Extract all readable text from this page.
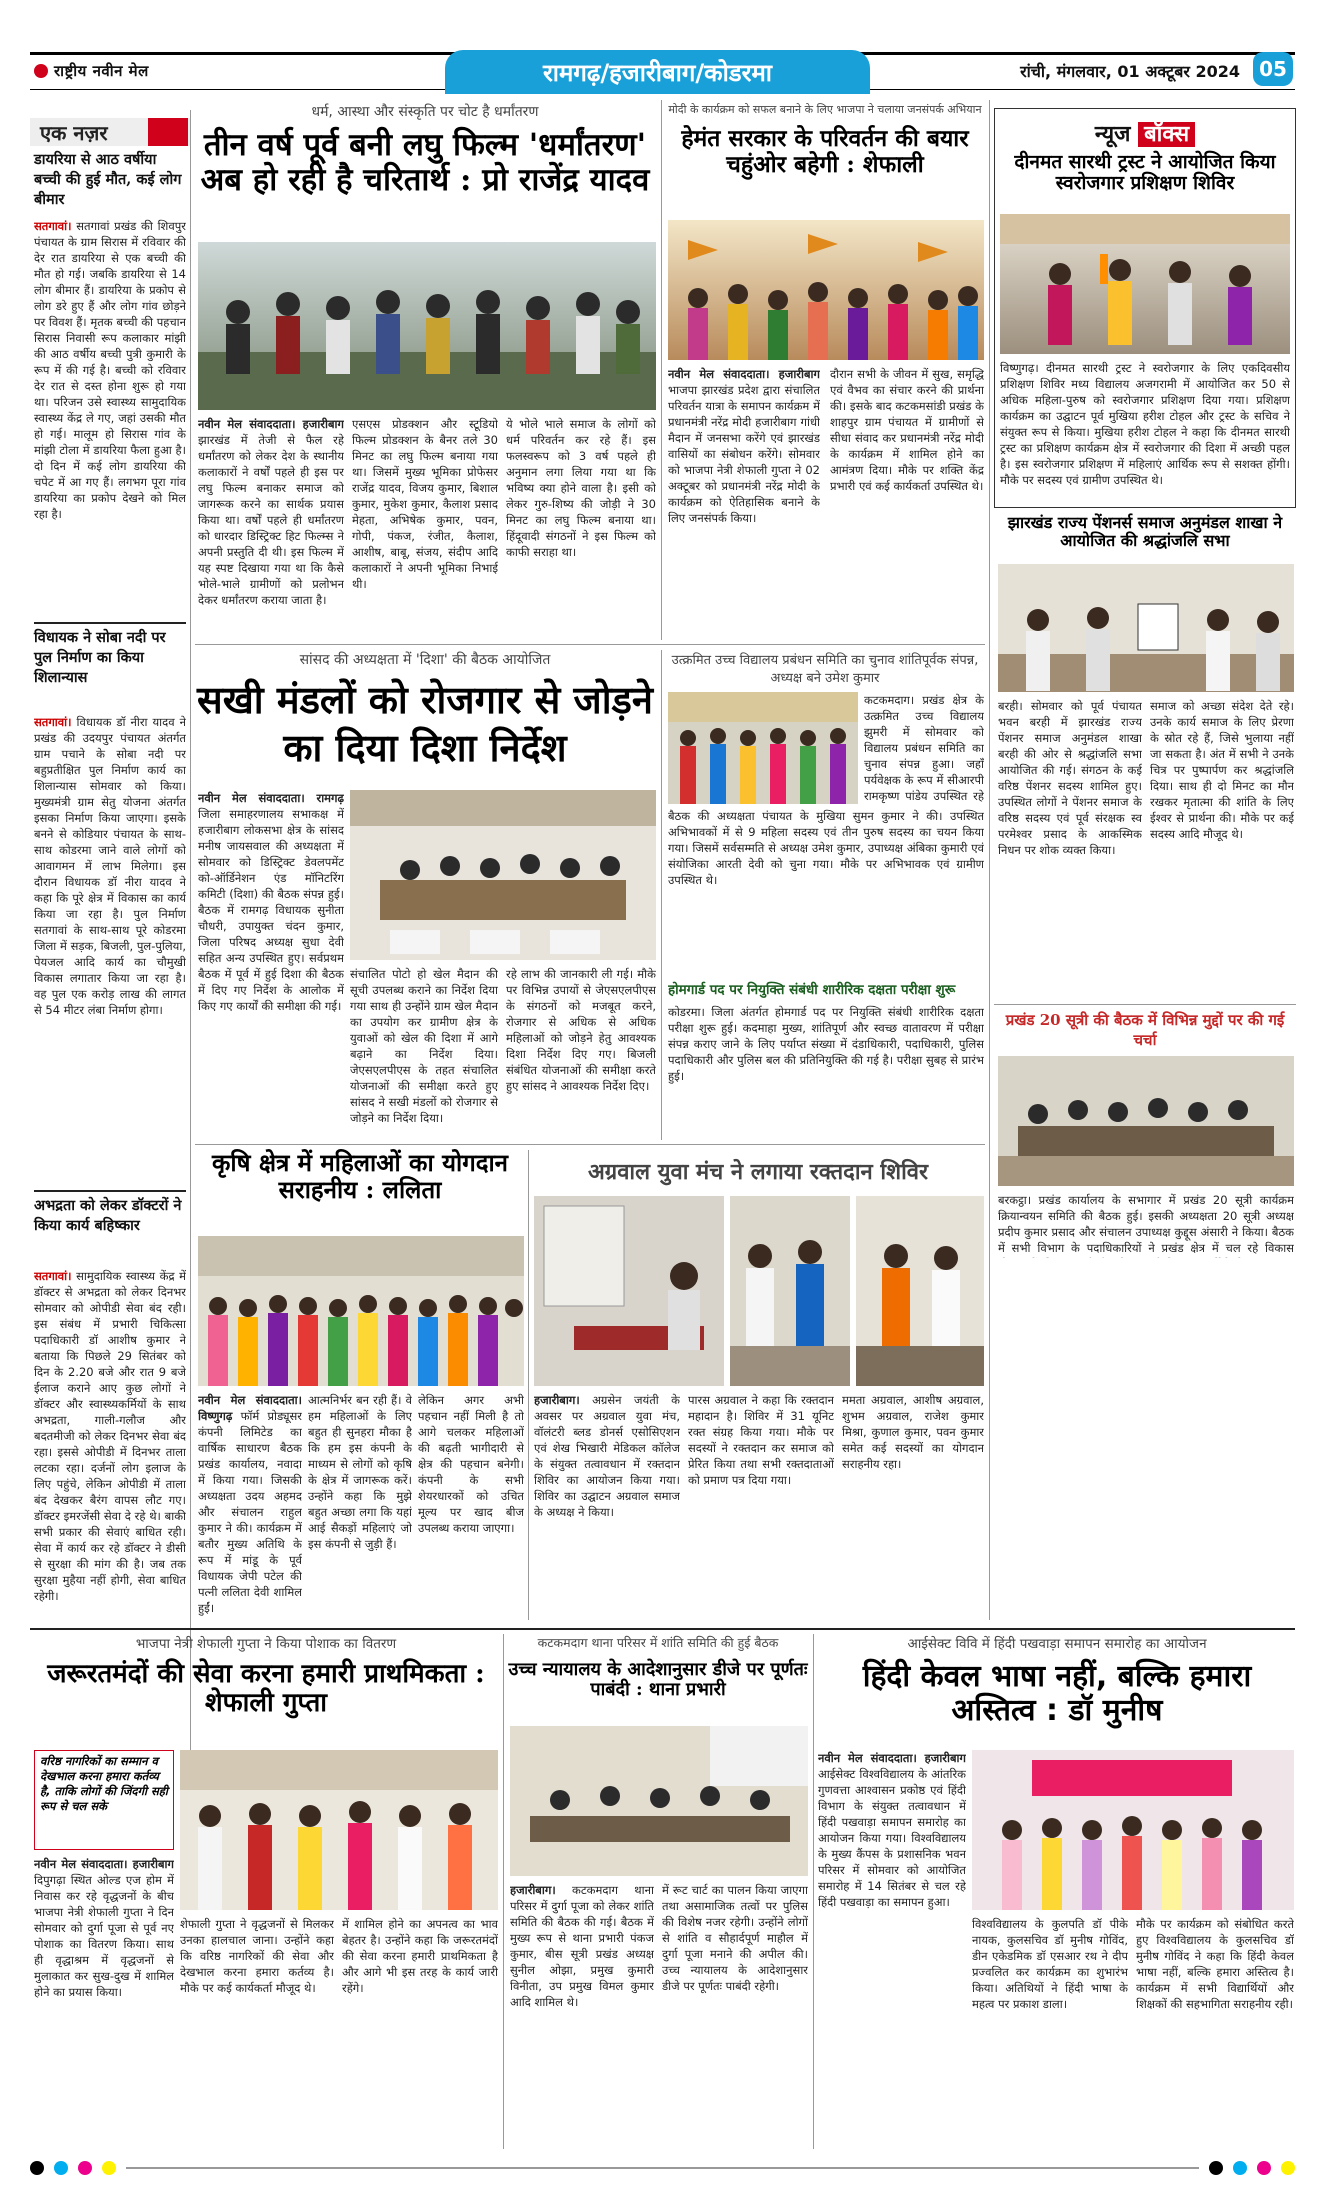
राष्ट्रीय नवीन मेल	रामगढ़/हजारीबाग/कोडरमा	रांची, मंगलवार, 01 अक्टूबर 2024 05
एक नज़र
डायरिया से आठ वर्षीया बच्ची की हुई मौत, कई लोग बीमार
सतगावां। सतगावां प्रखंड की शिवपुर पंचायत के ग्राम सिरास में रविवार की देर रात डायरिया से एक बच्ची की मौत हो गई। जबकि डायरिया से 14 लोग बीमार हैं। डायरिया के प्रकोप से लोग डरे हुए हैं और लोग गांव छोड़ने पर विवश हैं। मृतक बच्ची की पहचान सिरास निवासी रूप कलाकार मांझी की आठ वर्षीय बच्ची पुत्री कुमारी के रूप में की गई है। बच्ची को रविवार देर रात से दस्त होना शुरू हो गया था। परिजन उसे स्वास्थ्य सामुदायिक स्वास्थ्य केंद्र ले गए, जहां उसकी मौत हो गई। मालूम हो सिरास गांव के मांझी टोला में डायरिया फैला हुआ है। दो दिन में कई लोग डायरिया की चपेट में आ गए हैं। लगभग पूरा गांव डायरिया का प्रकोप देखने को मिल रहा है।
विधायक ने सोबा नदी पर पुल निर्माण का किया शिलान्यास
सतगावां। विधायक डॉ नीरा यादव ने प्रखंड की उदयपुर पंचायत अंतर्गत ग्राम पचाने के सोबा नदी पर बहुप्रतीक्षित पुल निर्माण कार्य का शिलान्यास सोमवार को किया। मुख्यमंत्री ग्राम सेतु योजना अंतर्गत इसका निर्माण किया जाएगा। इसके बनने से कोडियार पंचायत के साथ-साथ कोडरमा जाने वाले लोगों को आवागमन में लाभ मिलेगा। इस दौरान विधायक डॉ नीरा यादव ने कहा कि पूरे क्षेत्र में विकास का कार्य किया जा रहा है। पुल निर्माण सतगावां के साथ-साथ पूरे कोडरमा जिला में सड़क, बिजली, पुल-पुलिया, पेयजल आदि कार्य का चौमुखी विकास लगातार किया जा रहा है। वह पुल एक करोड़ लाख की लागत से 54 मीटर लंबा निर्माण होगा।
अभद्रता को लेकर डॉक्टरों ने किया कार्य बहिष्कार
सतगावां। सामुदायिक स्वास्थ्य केंद्र में डॉक्टर से अभद्रता को लेकर दिनभर सोमवार को ओपीडी सेवा बंद रही। इस संबंध में प्रभारी चिकित्सा पदाधिकारी डॉ आशीष कुमार ने बताया कि पिछले 29 सितंबर को दिन के 2.20 बजे और रात 9 बजे ईलाज कराने आए कुछ लोगों ने डॉक्टर और स्वास्थ्यकर्मियों के साथ अभद्रता, गाली-गलौज और बदतमीजी को लेकर दिनभर सेवा बंद रहा। इससे ओपीडी में दिनभर ताला लटका रहा। दर्जनों लोग इलाज के लिए पहुंचे, लेकिन ओपीडी में ताला बंद देखकर बैरंग वापस लौट गए। डॉक्टर इमरजेंसी सेवा दे रहे थे। बाकी सभी प्रकार की सेवाएं बाधित रही। सेवा में कार्य कर रहे डॉक्टर ने डीसी से सुरक्षा की मांग की है। जब तक सुरक्षा मुहैया नहीं होगी, सेवा बाधित रहेगी।
धर्म, आस्था और संस्कृति पर चोट है धर्मांतरण
तीन वर्ष पूर्व बनी लघु फिल्म 'धर्मांतरण' अब हो रही है चरितार्थ : प्रो राजेंद्र यादव
नवीन मेल संवाददाता। हजारीबाग झारखंड में तेजी से फैल रहे धर्मांतरण को लेकर देश के स्थानीय कलाकारों ने वर्षों पहले ही इस पर लघु फिल्म बनाकर समाज को जागरूक करने का सार्थक प्रयास किया था। वर्षों पहले ही धर्मांतरण को धारदार डिस्ट्रिक्ट हिट फिल्म्स ने अपनी प्रस्तुति दी थी। इस फिल्म में यह स्पष्ट दिखाया गया था कि कैसे भोले-भाले ग्रामीणों को प्रलोभन देकर धर्मांतरण कराया जाता है।
एसएस प्रोडक्शन और स्टूडियो फिल्म प्रोडक्शन के बैनर तले 30 मिनट का लघु फिल्म बनाया गया था। जिसमें मुख्य भूमिका प्रोफेसर राजेंद्र यादव, विजय कुमार, बिशाल कुमार, मुकेश कुमार, कैलाश प्रसाद मेहता, अभिषेक कुमार, पवन, गोपी, पंकज, रंजीत, कैलाश, आशीष, बाबू, संजय, संदीप आदि कलाकारों ने अपनी भूमिका निभाई थी।
ये भोले भाले समाज के लोगों को धर्म परिवर्तन कर रहे हैं। इस फलस्वरूप को 3 वर्ष पहले ही अनुमान लगा लिया गया था कि भविष्य क्या होने वाला है। इसी को लेकर गुरु-शिष्य की जोड़ी ने 30 मिनट का लघु फिल्म बनाया था। हिंदूवादी संगठनों ने इस फिल्म को काफी सराहा था।
मोदी के कार्यक्रम को सफल बनाने के लिए भाजपा ने चलाया जनसंपर्क अभियान
हेमंत सरकार के परिवर्तन की बयार चहुंओर बहेगी : शेफाली
नवीन मेल संवाददाता। हजारीबाग भाजपा झारखंड प्रदेश द्वारा संचालित परिवर्तन यात्रा के समापन कार्यक्रम में प्रधानमंत्री नरेंद्र मोदी हजारीबाग गांधी मैदान में जनसभा करेंगे एवं झारखंड वासियों का संबोधन करेंगे। सोमवार को भाजपा नेत्री शेफाली गुप्ता ने 02 अक्टूबर को प्रधानमंत्री नरेंद्र मोदी के कार्यक्रम को ऐतिहासिक बनाने के लिए जनसंपर्क किया।
दौरान सभी के जीवन में सुख, समृद्धि एवं वैभव का संचार करने की प्रार्थना की। इसके बाद कटकमसांडी प्रखंड के शाहपुर ग्राम पंचायत में ग्रामीणों से सीधा संवाद कर प्रधानमंत्री नरेंद्र मोदी के कार्यक्रम में शामिल होने का आमंत्रण दिया। मौके पर शक्ति केंद्र प्रभारी एवं कई कार्यकर्ता उपस्थित थे।
न्यूज बॉक्स
दीनमत सारथी ट्रस्ट ने आयोजित किया स्वरोजगार प्रशिक्षण शिविर
विष्णुगढ़। दीनमत सारथी ट्रस्ट ने स्वरोजगार के लिए एकदिवसीय प्रशिक्षण शिविर मध्य विद्यालय अजगरामी में आयोजित कर 50 से अधिक महिला-पुरुष को स्वरोजगार प्रशिक्षण दिया गया। प्रशिक्षण कार्यक्रम का उद्घाटन पूर्व मुखिया हरीश टोहल और ट्रस्ट के सचिव ने संयुक्त रूप से किया। मुखिया हरीश टोहल ने कहा कि दीनमत सारथी ट्रस्ट का प्रशिक्षण कार्यक्रम क्षेत्र में स्वरोजगार की दिशा में अच्छी पहल है। इस स्वरोजगार प्रशिक्षण में महिलाएं आर्थिक रूप से सशक्त होंगी। मौके पर सदस्य एवं ग्रामीण उपस्थित थे।
झारखंड राज्य पेंशनर्स समाज अनुमंडल शाखा ने आयोजित की श्रद्धांजलि सभा
बरही। सोमवार को पूर्व पंचायत भवन बरही में झारखंड राज्य पेंशनर समाज अनुमंडल शाखा बरही की ओर से श्रद्धांजलि सभा आयोजित की गई। संगठन के कई वरिष्ठ पेंशनर सदस्य शामिल हुए। उपस्थित लोगों ने पेंशनर समाज के वरिष्ठ सदस्य एवं पूर्व संरक्षक स्व परमेश्वर प्रसाद के आकस्मिक निधन पर शोक व्यक्त किया।
समाज को अच्छा संदेश देते रहे। उनके कार्य समाज के लिए प्रेरणा के स्रोत रहे हैं, जिसे भुलाया नहीं जा सकता है। अंत में सभी ने उनके चित्र पर पुष्पार्पण कर श्रद्धांजलि दिया। साथ ही दो मिनट का मौन रखकर मृतात्मा की शांति के लिए ईश्वर से प्रार्थना की। मौके पर कई सदस्य आदि मौजूद थे।
प्रखंड 20 सूत्री की बैठक में विभिन्न मुद्दों पर की गई चर्चा
बरकट्ठा। प्रखंड कार्यालय के सभागार में प्रखंड 20 सूत्री कार्यक्रम क्रियान्वयन समिति की बैठक हुई। इसकी अध्यक्षता 20 सूत्री अध्यक्ष प्रदीप कुमार प्रसाद और संचालन उपाध्यक्ष कुद्दूस अंसारी ने किया। बैठक में सभी विभाग के पदाधिकारियों ने प्रखंड क्षेत्र में चल रहे विकास
सांसद की अध्यक्षता में 'दिशा' की बैठक आयोजित
सखी मंडलों को रोजगार से जोड़ने का दिया दिशा निर्देश
नवीन मेल संवाददाता। रामगढ़ जिला समाहरणालय सभाकक्ष में हजारीबाग लोकसभा क्षेत्र के सांसद मनीष जायसवाल की अध्यक्षता में सोमवार को डिस्ट्रिक्ट डेवलपमेंट को-ऑर्डिनेशन एंड मॉनिटरिंग कमिटी (दिशा) की बैठक संपन्न हुई। बैठक में रामगढ़ विधायक सुनीता चौधरी, उपायुक्त चंदन कुमार, जिला परिषद अध्यक्ष सुधा देवी सहित अन्य उपस्थित हुए। सर्वप्रथम बैठक में पूर्व में हुई दिशा की बैठक में दिए गए निर्देश के आलोक में किए गए कार्यों की समीक्षा की गई।
संचालित पोटो हो खेल मैदान की सूची उपलब्ध कराने का निर्देश दिया गया साथ ही उन्होंने ग्राम खेल मैदान का उपयोग कर ग्रामीण क्षेत्र के युवाओं को खेल की दिशा में आगे बढ़ाने का निर्देश दिया। जेएसएलपीएस के तहत संचालित योजनाओं की समीक्षा करते हुए सांसद ने सखी मंडलों को रोजगार से जोड़ने का निर्देश दिया।
रहे लाभ की जानकारी ली गई। मौके पर विभिन्न उपायों से जेएसएलपीएस के संगठनों को मजबूत करने, रोजगार से अधिक से अधिक महिलाओं को जोड़ने हेतु आवश्यक दिशा निर्देश दिए गए। बिजली संबंधित योजनाओं की समीक्षा करते हुए सांसद ने आवश्यक निर्देश दिए।
उत्क्रमित उच्च विद्यालय प्रबंधन समिति का चुनाव शांतिपूर्वक संपन्न, अध्यक्ष बने उमेश कुमार
कटकमदाग। प्रखंड क्षेत्र के उत्क्रमित उच्च विद्यालय झुमरी में सोमवार को विद्यालय प्रबंधन समिति का चुनाव संपन्न हुआ। जहाँ पर्यवेक्षक के रूप में सीआरपी रामकृष्ण पांडेय उपस्थित रहे
बैठक की अध्यक्षता पंचायत के मुखिया सुमन कुमार ने की। उपस्थित अभिभावकों में से 9 महिला सदस्य एवं तीन पुरुष सदस्य का चयन किया गया। जिसमें सर्वसम्मति से अध्यक्ष उमेश कुमार, उपाध्यक्ष अंबिका कुमारी एवं संयोजिका आरती देवी को चुना गया। मौके पर अभिभावक एवं ग्रामीण उपस्थित थे।
होमगार्ड पद पर नियुक्ति संबंधी शारीरिक दक्षता परीक्षा शुरू
कोडरमा। जिला अंतर्गत होमगार्ड पद पर नियुक्ति संबंधी शारीरिक दक्षता परीक्षा शुरू हुई। कदमाहा मुख्य, शांतिपूर्ण और स्वच्छ वातावरण में परीक्षा संपन्न कराए जाने के लिए पर्याप्त संख्या में दंडाधिकारी, पदाधिकारी, पुलिस पदाधिकारी और पुलिस बल की प्रतिनियुक्ति की गई है। परीक्षा सुबह से प्रारंभ हुई।
कृषि क्षेत्र में महिलाओं का योगदान सराहनीय : ललिता
नवीन मेल संवाददाता। विष्णुगढ़ फॉर्म प्रोड्यूसर कंपनी लिमिटेड का वार्षिक साधारण बैठक प्रखंड कार्यालय, नवादा में किया गया। जिसकी अध्यक्षता उदय अहमद और संचालन राहुल कुमार ने की। कार्यक्रम में बतौर मुख्य अतिथि के रूप में मांडू के पूर्व विधायक जेपी पटेल की पत्नी ललिता देवी शामिल हुईं।
आत्मनिर्भर बन रही हैं। वे हम महिलाओं के लिए बहुत ही सुनहरा मौका है कि हम इस कंपनी के माध्यम से लोगों को कृषि के क्षेत्र में जागरूक करें। उन्होंने कहा कि मुझे बहुत अच्छा लगा कि यहां आई सैकड़ों महिलाएं जो इस कंपनी से जुड़ी हैं।
लेकिन अगर अभी पहचान नहीं मिली है तो आगे चलकर महिलाओं की बढ़ती भागीदारी से क्षेत्र की पहचान बनेगी। कंपनी के सभी शेयरधारकों को उचित मूल्य पर खाद बीज उपलब्ध कराया जाएगा।
अग्रवाल युवा मंच ने लगाया रक्तदान शिविर
हजारीबाग। अग्रसेन जयंती के अवसर पर अग्रवाल युवा मंच, वॉलंटरी ब्लड डोनर्स एसोसिएशन एवं शेख भिखारी मेडिकल कॉलेज के संयुक्त तत्वावधान में रक्तदान शिविर का आयोजन किया गया। शिविर का उद्घाटन अग्रवाल समाज के अध्यक्ष ने किया।
पारस अग्रवाल ने कहा कि रक्तदान महादान है। शिविर में 31 यूनिट रक्त संग्रह किया गया। मौके पर सदस्यों ने रक्तदान कर समाज को प्रेरित किया तथा सभी रक्तदाताओं को प्रमाण पत्र दिया गया।
ममता अग्रवाल, आशीष अग्रवाल, शुभम अग्रवाल, राजेश कुमार मिश्रा, कुणाल कुमार, पवन कुमार समेत कई सदस्यों का योगदान सराहनीय रहा।
भाजपा नेत्री शेफाली गुप्ता ने किया पोशाक का वितरण
जरूरतमंदों की सेवा करना हमारी प्राथमिकता : शेफाली गुप्ता
वरिष्ठ नागरिकों का सम्मान व देखभाल करना हमारा कर्तव्य है, ताकि लोगों की जिंदगी सही रूप से चल सके
नवीन मेल संवाददाता। हजारीबाग दिपुगढ़ा स्थित ओल्ड एज होम में निवास कर रहे वृद्धजनों के बीच भाजपा नेत्री शेफाली गुप्ता ने दिन सोमवार को दुर्गा पूजा से पूर्व नए पोशाक का वितरण किया। साथ ही वृद्धाश्रम में वृद्धजनों से मुलाकात कर सुख-दुख में शामिल होने का प्रयास किया।
शेफाली गुप्ता ने वृद्धजनों से मिलकर उनका हालचाल जाना। उन्होंने कहा कि वरिष्ठ नागरिकों की सेवा और देखभाल करना हमारा कर्तव्य है। मौके पर कई कार्यकर्ता मौजूद थे।
में शामिल होने का अपनत्व का भाव बेहतर है। उन्होंने कहा कि जरूरतमंदों की सेवा करना हमारी प्राथमिकता है और आगे भी इस तरह के कार्य जारी रहेंगे।
कटकमदाग थाना परिसर में शांति समिति की हुई बैठक
उच्च न्यायालय के आदेशानुसार डीजे पर पूर्णतः पाबंदी : थाना प्रभारी
हजारीबाग। कटकमदाग थाना परिसर में दुर्गा पूजा को लेकर शांति समिति की बैठक की गई। बैठक में मुख्य रूप से थाना प्रभारी पंकज कुमार, बीस सूत्री प्रखंड अध्यक्ष सुनील ओझा, प्रमुख कुमारी विनीता, उप प्रमुख विमल कुमार आदि शामिल थे।
में रूट चार्ट का पालन किया जाएगा तथा असामाजिक तत्वों पर पुलिस की विशेष नजर रहेगी। उन्होंने लोगों से शांति व सौहार्दपूर्ण माहौल में दुर्गा पूजा मनाने की अपील की। उच्च न्यायालय के आदेशानुसार डीजे पर पूर्णतः पाबंदी रहेगी।
आईसेक्ट विवि में हिंदी पखवाड़ा समापन समारोह का आयोजन
हिंदी केवल भाषा नहीं, बल्कि हमारा अस्तित्व : डॉ मुनीष
नवीन मेल संवाददाता। हजारीबाग आईसेक्ट विश्वविद्यालय के आंतरिक गुणवत्ता आश्वासन प्रकोष्ठ एवं हिंदी विभाग के संयुक्त तत्वावधान में हिंदी पखवाड़ा समापन समारोह का आयोजन किया गया। विश्वविद्यालय के मुख्य कैंपस के प्रशासनिक भवन परिसर में सोमवार को आयोजित समारोह में 14 सितंबर से चल रहे हिंदी पखवाड़ा का समापन हुआ।
विश्वविद्यालय के कुलपति डॉ पीके नायक, कुलसचिव डॉ मुनीष गोविंद, डीन एकेडमिक डॉ एसआर रथ ने दीप प्रज्वलित कर कार्यक्रम का शुभारंभ किया। अतिथियों ने हिंदी भाषा के महत्व पर प्रकाश डाला।
मौके पर कार्यक्रम को संबोधित करते हुए विश्वविद्यालय के कुलसचिव डॉ मुनीष गोविंद ने कहा कि हिंदी केवल भाषा नहीं, बल्कि हमारा अस्तित्व है। कार्यक्रम में सभी विद्यार्थियों और शिक्षकों की सहभागिता सराहनीय रही।
